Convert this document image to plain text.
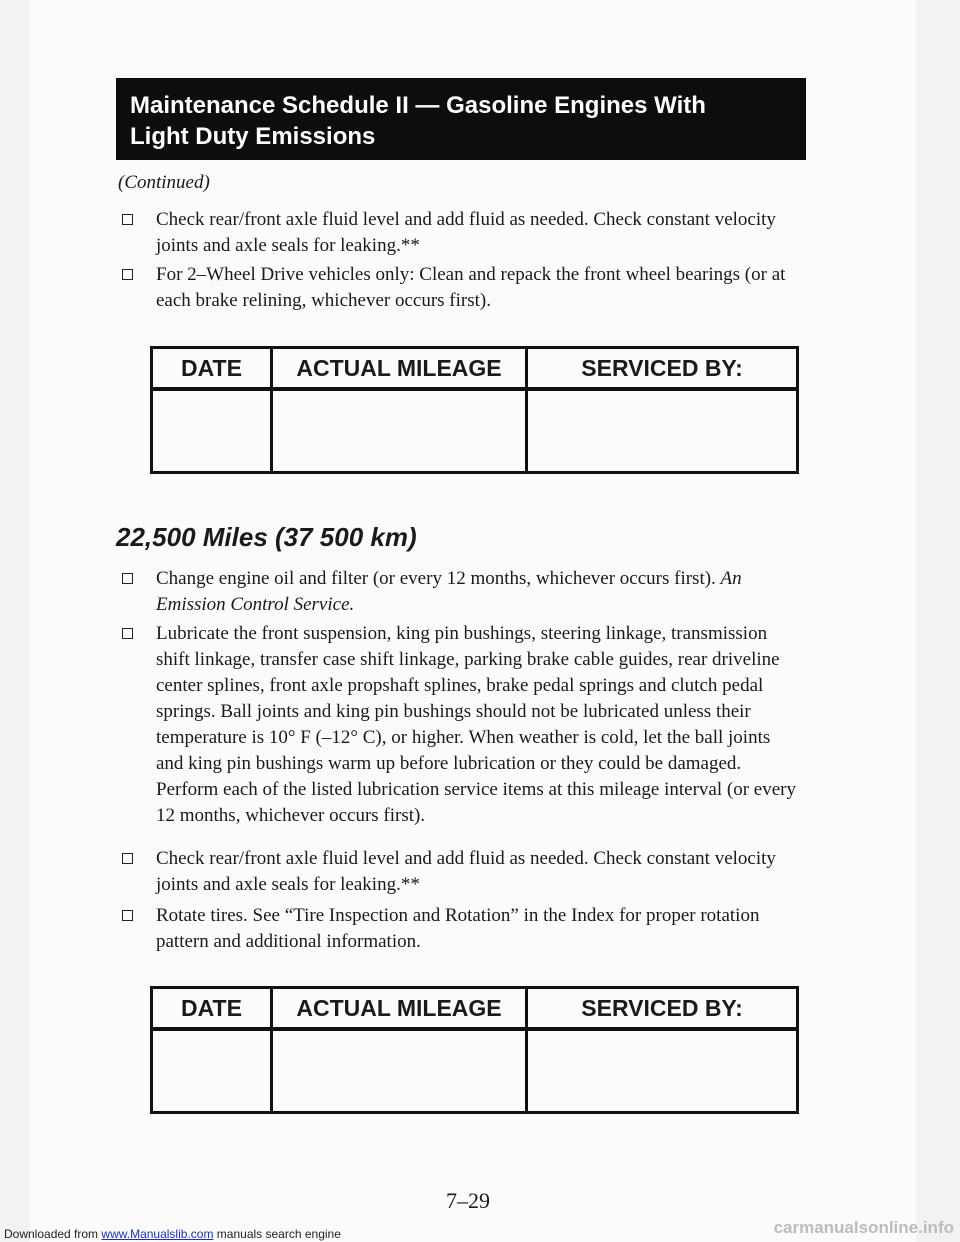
Maintenance Schedule II — Gasoline Engines With
Light Duty Emissions
(Continued)
Check rear/front axle fluid level and add fluid as needed. Check constant velocity joints and axle seals for leaking.**
For 2–Wheel Drive vehicles only: Clean and repack the front wheel bearings (or at each brake relining, whichever occurs first).
DATE	ACTUAL MILEAGE	SERVICED BY:

22,500 Miles (37 500 km)
Change engine oil and filter (or every 12 months, whichever occurs first). An Emission Control Service.
Lubricate the front suspension, king pin bushings, steering linkage, transmission shift linkage, transfer case shift linkage, parking brake cable guides, rear driveline center splines, front axle propshaft splines, brake pedal springs and clutch pedal springs. Ball joints and king pin bushings should not be lubricated unless their temperature is 10° F (–12° C), or higher. When weather is cold, let the ball joints and king pin bushings warm up before lubrication or they could be damaged. Perform each of the listed lubrication service items at this mileage interval (or every 12 months, whichever occurs first).
Check rear/front axle fluid level and add fluid as needed. Check constant velocity joints and axle seals for leaking.**
Rotate tires. See “Tire Inspection and Rotation” in the Index for proper rotation pattern and additional information.
DATE	ACTUAL MILEAGE	SERVICED BY:

7–29
Downloaded from www.Manualslib.com manuals search engine	carmanualsonline.info
